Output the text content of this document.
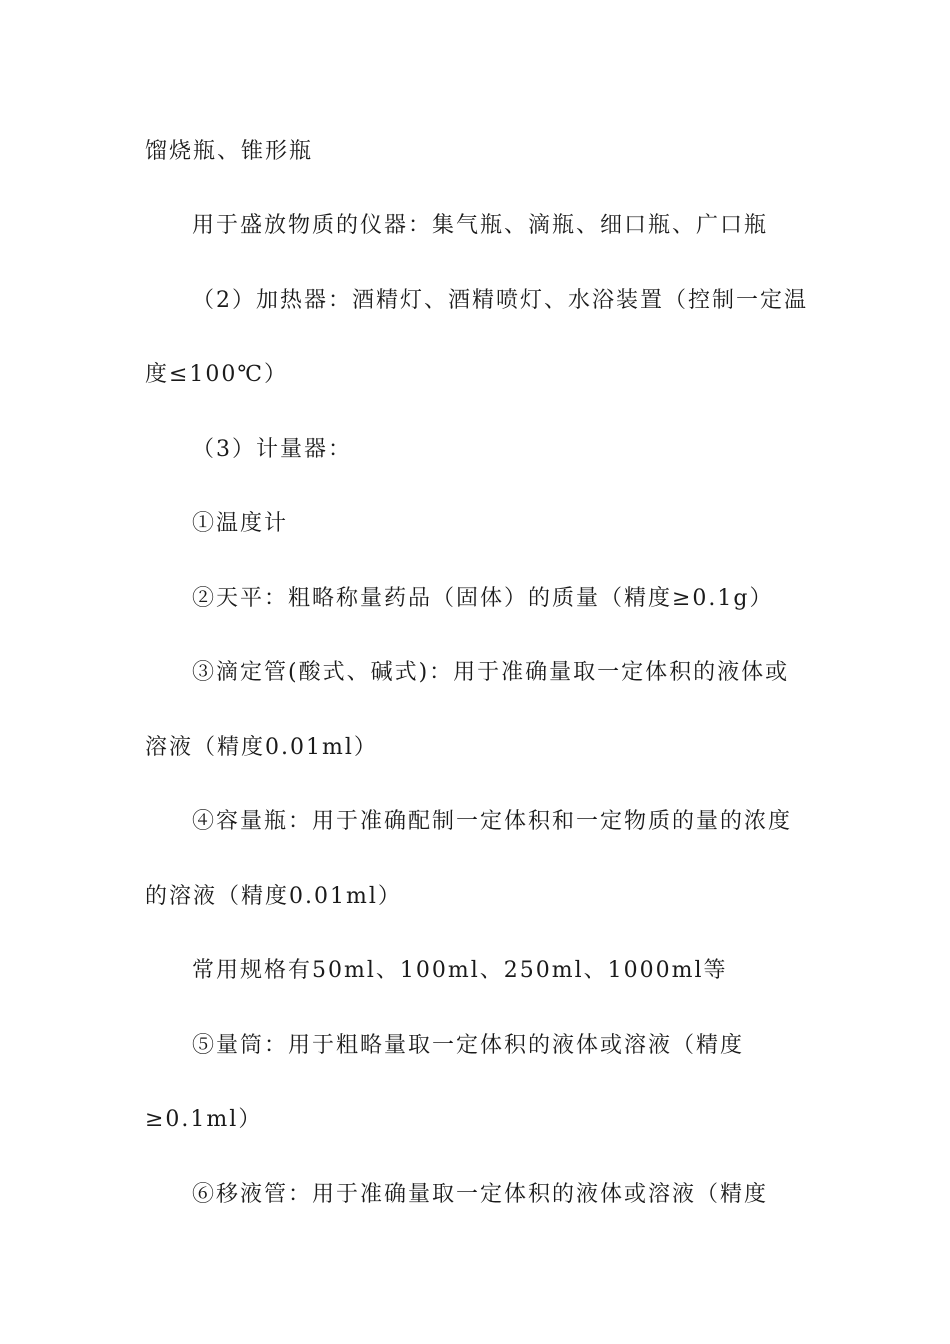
馏烧瓶、锥形瓶

用于盛放物质的仪器：集气瓶、滴瓶、细口瓶、广口瓶

（2）加热器：酒精灯、酒精喷灯、水浴装置（控制一定温

度≤100℃）

（3）计量器：

①温度计

②天平：粗略称量药品（固体）的质量（精度≥0.1g）

③滴定管(酸式、碱式)：用于准确量取一定体积的液体或

溶液（精度0.01ml）

④容量瓶：用于准确配制一定体积和一定物质的量的浓度

的溶液（精度0.01ml）

常用规格有50ml、100ml、250ml、1000ml等

⑤量筒：用于粗略量取一定体积的液体或溶液（精度

≥0.1ml）

⑥移液管：用于准确量取一定体积的液体或溶液（精度
